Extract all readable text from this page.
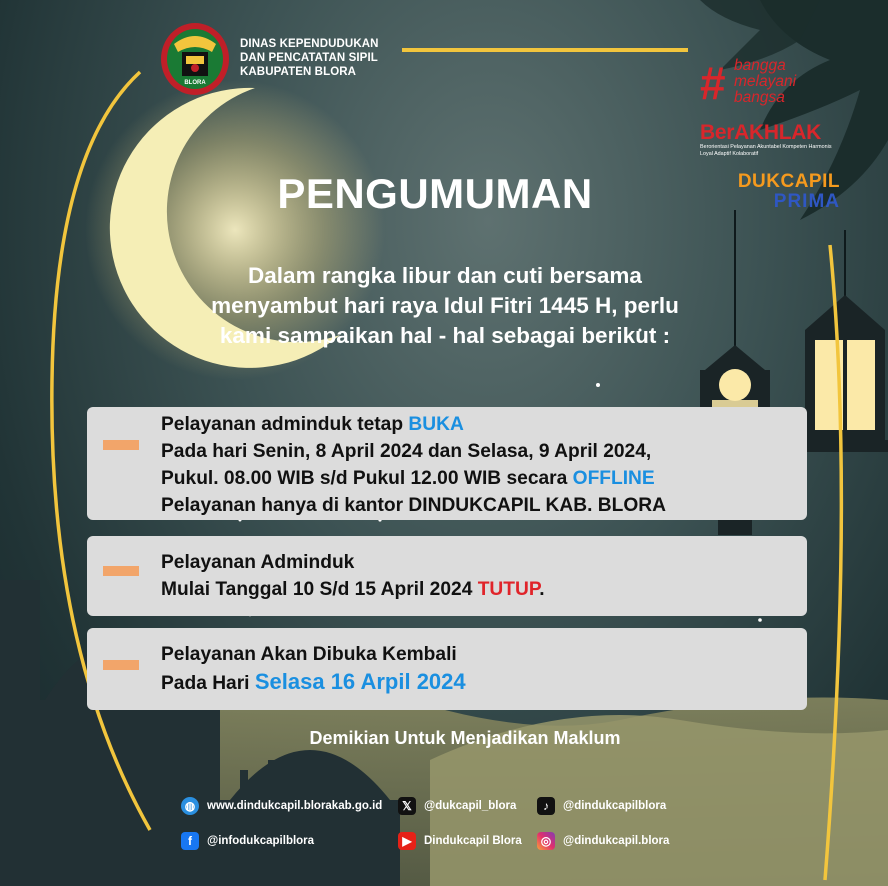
BLORA
DINAS KEPENDUDUKAN
DAN PENCATATAN SIPIL
KABUPATEN BLORA	# bangga
melayani
bangsa
BerAKHLAK
Berorientasi Pelayanan Akuntabel Kompeten Harmonis Loyal Adaptif Kolaboratif
DUKCAPIL
PRIMA
PENGUMUMAN
Dalam rangka libur dan cuti bersama
menyambut hari raya Idul Fitri 1445 H, perlu
kami sampaikan hal - hal sebagai berikut :
Pelayanan adminduk tetap BUKA
Pada hari Senin, 8 April 2024 dan Selasa, 9 April 2024,
Pukul. 08.00 WIB s/d Pukul 12.00 WIB secara OFFLINE
Pelayanan hanya di kantor DINDUKCAPIL KAB. BLORA
Pelayanan Adminduk
Mulai Tanggal 10 S/d 15 April 2024 TUTUP.
Pelayanan Akan Dibuka Kembali
Pada Hari Selasa 16 Arpil 2024
Demikian Untuk Menjadikan Maklum
◍	www.dindukcapil.blorakab.go.id	𝕏	@dukcapil_blora	♪	@dindukcapilblora
f	@infodukcapilblora	▶	Dindukcapil Blora	◎	@dindukcapil.blora
